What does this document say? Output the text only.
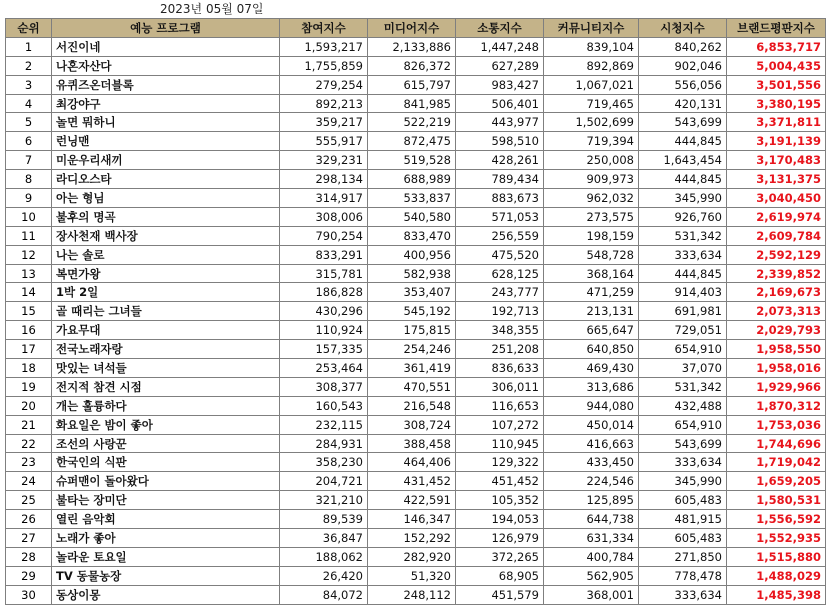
2023년 05월 07일
순위	예능 프로그램	참여지수	미디어지수	소통지수	커뮤니티지수	시청지수	브랜드평판지수
1	서진이네	1,593,217	2,133,886	1,447,248	839,104	840,262	6,853,717
2	나혼자산다	1,755,859	826,372	627,289	892,869	902,046	5,004,435
3	유퀴즈온더블록	279,254	615,797	983,427	1,067,021	556,056	3,501,556
4	최강야구	892,213	841,985	506,401	719,465	420,131	3,380,195
5	놀면 뭐하니	359,217	522,219	443,977	1,502,699	543,699	3,371,811
6	런닝맨	555,917	872,475	598,510	719,394	444,845	3,191,139
7	미운우리새끼	329,231	519,528	428,261	250,008	1,643,454	3,170,483
8	라디오스타	298,134	688,989	789,434	909,973	444,845	3,131,375
9	아는 형님	314,917	533,837	883,673	962,032	345,990	3,040,450
10	불후의 명곡	308,006	540,580	571,053	273,575	926,760	2,619,974
11	장사천재 백사장	790,254	833,470	256,559	198,159	531,342	2,609,784
12	나는 솔로	833,291	400,956	475,520	548,728	333,634	2,592,129
13	복면가왕	315,781	582,938	628,125	368,164	444,845	2,339,852
14	1박 2일	186,828	353,407	243,777	471,259	914,403	2,169,673
15	골 때리는 그녀들	430,296	545,192	192,713	213,131	691,981	2,073,313
16	가요무대	110,924	175,815	348,355	665,647	729,051	2,029,793
17	전국노래자랑	157,335	254,246	251,208	640,850	654,910	1,958,550
18	맛있는 녀석들	253,464	361,419	836,633	469,430	37,070	1,958,016
19	전지적 참견 시점	308,377	470,551	306,011	313,686	531,342	1,929,966
20	개는 훌륭하다	160,543	216,548	116,653	944,080	432,488	1,870,312
21	화요일은 밤이 좋아	232,115	308,724	107,272	450,014	654,910	1,753,036
22	조선의 사랑꾼	284,931	388,458	110,945	416,663	543,699	1,744,696
23	한국인의 식판	358,230	464,406	129,322	433,450	333,634	1,719,042
24	슈퍼맨이 돌아왔다	204,721	431,452	451,452	224,546	345,990	1,659,205
25	불타는 장미단	321,210	422,591	105,352	125,895	605,483	1,580,531
26	열린 음악회	89,539	146,347	194,053	644,738	481,915	1,556,592
27	노래가 좋아	36,847	152,292	126,979	631,334	605,483	1,552,935
28	놀라운 토요일	188,062	282,920	372,265	400,784	271,850	1,515,880
29	TV 동물농장	26,420	51,320	68,905	562,905	778,478	1,488,029
30	동상이몽	84,072	248,112	451,579	368,001	333,634	1,485,398
